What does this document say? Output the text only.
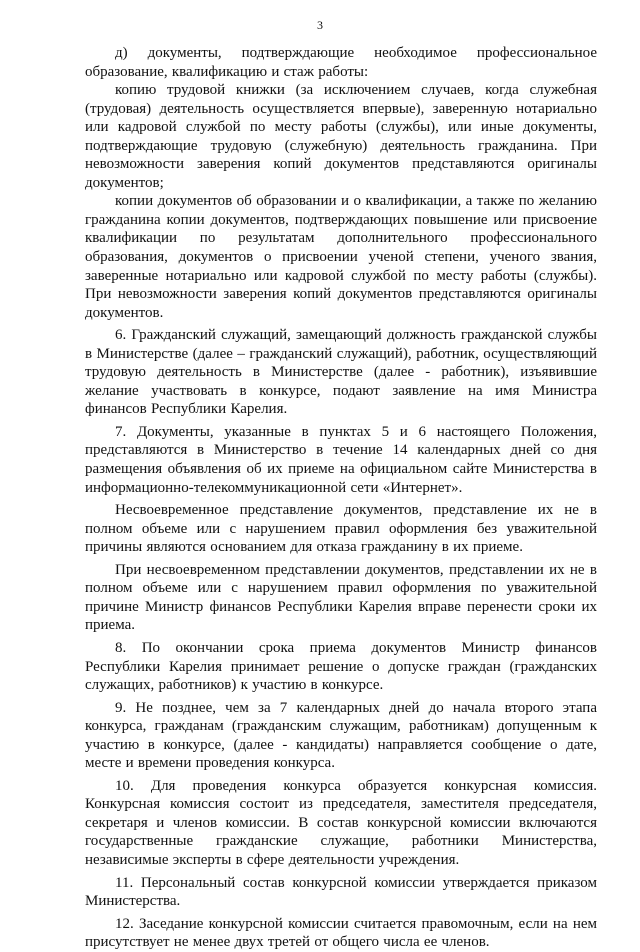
3

д) документы, подтверждающие необходимое профессиональное образование, квалификацию и стаж работы:

копию трудовой книжки (за исключением случаев, когда служебная (трудовая) деятельность осуществляется впервые), заверенную нотариально или кадровой службой по месту работы (службы), или иные документы, подтверждающие трудовую (служебную) деятельность гражданина. При невозможности заверения копий документов представляются оригиналы документов;

копии документов об образовании и о квалификации, а также по желанию гражданина копии документов, подтверждающих повышение или присвоение квалификации по результатам дополнительного профессионального образования, документов о присвоении ученой степени, ученого звания, заверенные нотариально или кадровой службой по месту работы (службы). При невозможности заверения копий документов представляются оригиналы документов.

6. Гражданский служащий, замещающий должность гражданской службы в Министерстве (далее – гражданский служащий), работник, осуществляющий трудовую деятельность в Министерстве (далее - работник), изъявившие желание участвовать в конкурсе, подают заявление на имя Министра финансов Республики Карелия.

7. Документы, указанные в пунктах 5 и 6 настоящего Положения, представляются в Министерство в течение 14 календарных дней со дня размещения объявления об их приеме на официальном сайте Министерства в информационно-телекоммуникационной сети «Интернет».

Несвоевременное представление документов, представление их не в полном объеме или с нарушением правил оформления без уважительной причины являются основанием для отказа гражданину в их приеме.

При несвоевременном представлении документов, представлении их не в полном объеме или с нарушением правил оформления по уважительной причине Министр финансов Республики Карелия вправе перенести сроки их приема.

8. По окончании срока приема документов Министр финансов Республики Карелия принимает решение о допуске граждан (гражданских служащих, работников) к участию в конкурсе.

9. Не позднее, чем за 7 календарных дней до начала второго этапа конкурса, гражданам (гражданским служащим, работникам) допущенным к участию в конкурсе, (далее - кандидаты) направляется сообщение о дате, месте и времени проведения конкурса.

10. Для проведения конкурса образуется конкурсная комиссия. Конкурсная комиссия состоит из председателя, заместителя председателя, секретаря и членов комиссии. В состав конкурсной комиссии включаются государственные гражданские служащие, работники Министерства, независимые эксперты в сфере деятельности учреждения.

11. Персональный состав конкурсной комиссии утверждается приказом Министерства.

12. Заседание конкурсной комиссии считается правомочным, если на нем присутствует не менее двух третей от общего числа ее членов.
